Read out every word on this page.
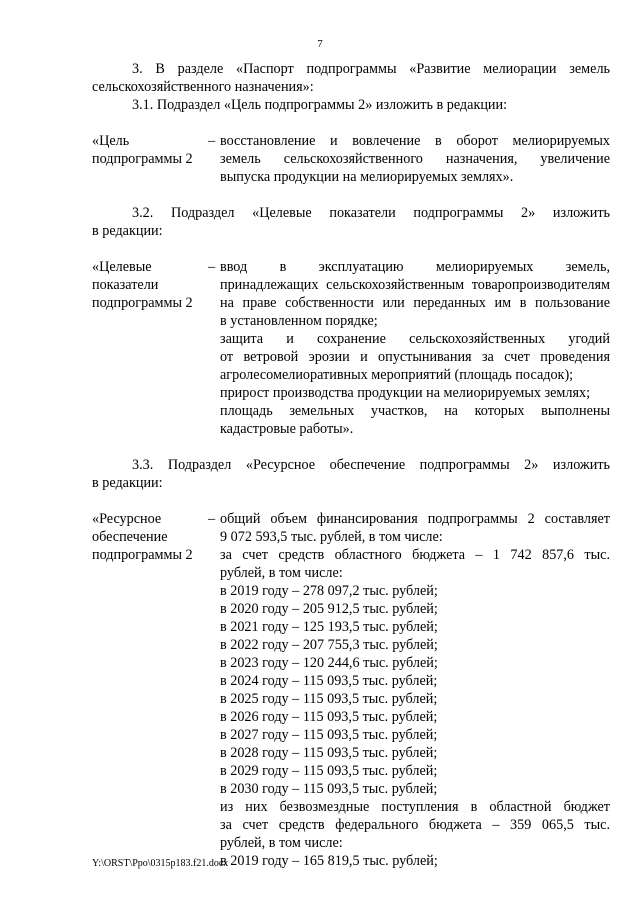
7
3. В разделе «Паспорт подпрограммы «Развитие мелиорации земель
сельскохозяйственного назначения»:
3.1. Подраздел «Цель подпрограммы 2» изложить в редакции:
«Цель
подпрограммы 2
– восстановление и вовлечение в оборот мелиорируемых
земель сельскохозяйственного назначения, увеличение
выпуска продукции на мелиорируемых землях».
3.2. Подраздел «Целевые показатели подпрограммы 2» изложить
в редакции:
«Целевые
показатели
подпрограммы 2
– ввод в эксплуатацию мелиорируемых земель,
принадлежащих сельскохозяйственным товаропроизводителям
на праве собственности или переданных им в пользование
в установленном порядке;
защита и сохранение сельскохозяйственных угодий
от ветровой эрозии и опустынивания за счет проведения
агролесомелиоративных мероприятий (площадь посадок);
прирост производства продукции на мелиорируемых землях;
площадь земельных участков, на которых выполнены
кадастровые работы».
3.3. Подраздел «Ресурсное обеспечение подпрограммы 2» изложить
в редакции:
«Ресурсное
обеспечение
подпрограммы 2
– общий объем финансирования подпрограммы 2 составляет
9 072 593,5 тыс. рублей, в том числе:
за счет средств областного бюджета – 1 742 857,6 тыс.
рублей, в том числе:
в 2019 году – 278 097,2 тыс. рублей;
в 2020 году – 205 912,5 тыс. рублей;
в 2021 году – 125 193,5 тыс. рублей;
в 2022 году – 207 755,3 тыс. рублей;
в 2023 году – 120 244,6 тыс. рублей;
в 2024 году – 115 093,5 тыс. рублей;
в 2025 году – 115 093,5 тыс. рублей;
в 2026 году – 115 093,5 тыс. рублей;
в 2027 году – 115 093,5 тыс. рублей;
в 2028 году – 115 093,5 тыс. рублей;
в 2029 году – 115 093,5 тыс. рублей;
в 2030 году – 115 093,5 тыс. рублей;
из них безвозмездные поступления в областной бюджет
за счет средств федерального бюджета – 359 065,5 тыс.
рублей, в том числе:
в 2019 году – 165 819,5 тыс. рублей;
Y:\ORST\Ppo\0315p183.f21.docx
